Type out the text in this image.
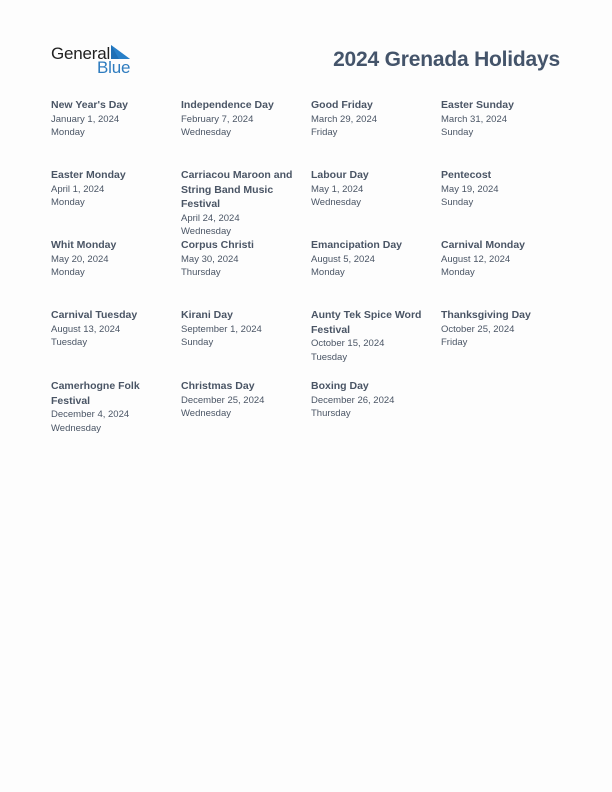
General
Blue	2024 Grenada Holidays
New Year's Day
January 1, 2024
Monday
Independence Day
February 7, 2024
Wednesday
Good Friday
March 29, 2024
Friday
Easter Sunday
March 31, 2024
Sunday
Easter Monday
April 1, 2024
Monday
Carriacou Maroon and String Band Music Festival
April 24, 2024
Wednesday
Labour Day
May 1, 2024
Wednesday
Pentecost
May 19, 2024
Sunday
Whit Monday
May 20, 2024
Monday
Corpus Christi
May 30, 2024
Thursday
Emancipation Day
August 5, 2024
Monday
Carnival Monday
August 12, 2024
Monday
Carnival Tuesday
August 13, 2024
Tuesday
Kirani Day
September 1, 2024
Sunday
Aunty Tek Spice Word Festival
October 15, 2024
Tuesday
Thanksgiving Day
October 25, 2024
Friday
Camerhogne Folk Festival
December 4, 2024
Wednesday
Christmas Day
December 25, 2024
Wednesday
Boxing Day
December 26, 2024
Thursday
